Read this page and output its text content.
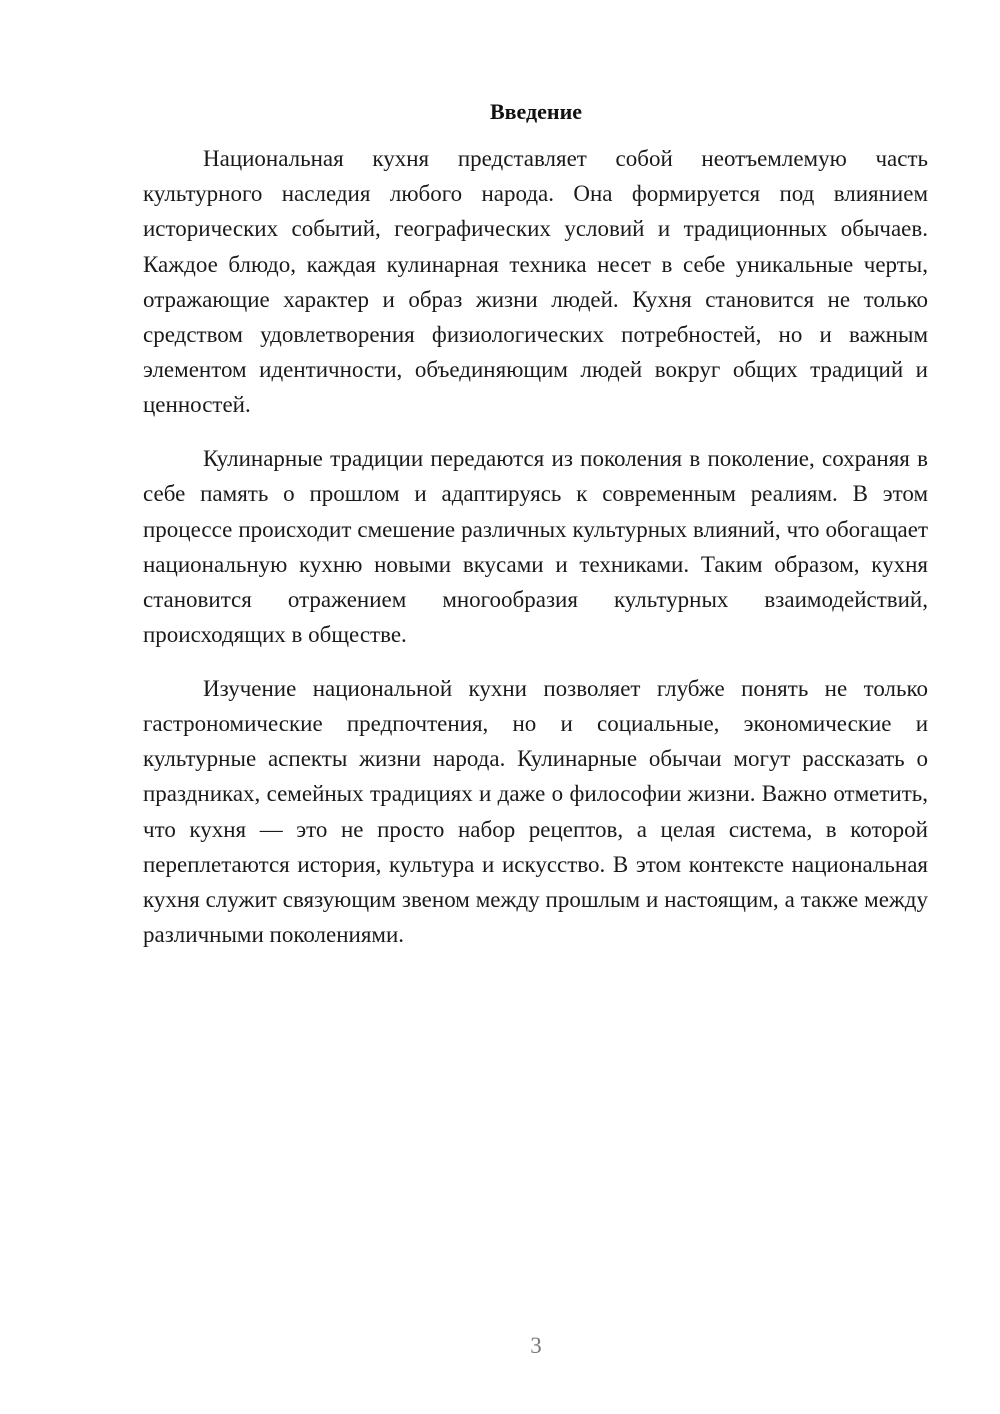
Введение

Национальная кухня представляет собой неотъемлемую часть культурного наследия любого народа. Она формируется под влиянием исторических событий, географических условий и традиционных обычаев. Каждое блюдо, каждая кулинарная техника несет в себе уникальные черты, отражающие характер и образ жизни людей. Кухня становится не только средством удовлетворения физиологических потребностей, но и важным элементом идентичности, объединяющим людей вокруг общих традиций и ценностей.

Кулинарные традиции передаются из поколения в поколение, сохраняя в себе память о прошлом и адаптируясь к современным реалиям. В этом процессе происходит смешение различных культурных влияний, что обогащает национальную кухню новыми вкусами и техниками. Таким образом, кухня становится отражением многообразия культурных взаимодействий, происходящих в обществе.

Изучение национальной кухни позволяет глубже понять не только гастрономические предпочтения, но и социальные, экономические и культурные аспекты жизни народа. Кулинарные обычаи могут рассказать о праздниках, семейных традициях и даже о философии жизни. Важно отметить, что кухня — это не просто набор рецептов, а целая система, в которой переплетаются история, культура и искусство. В этом контексте национальная кухня служит связующим звеном между прошлым и настоящим, а также между различными поколениями.

3
